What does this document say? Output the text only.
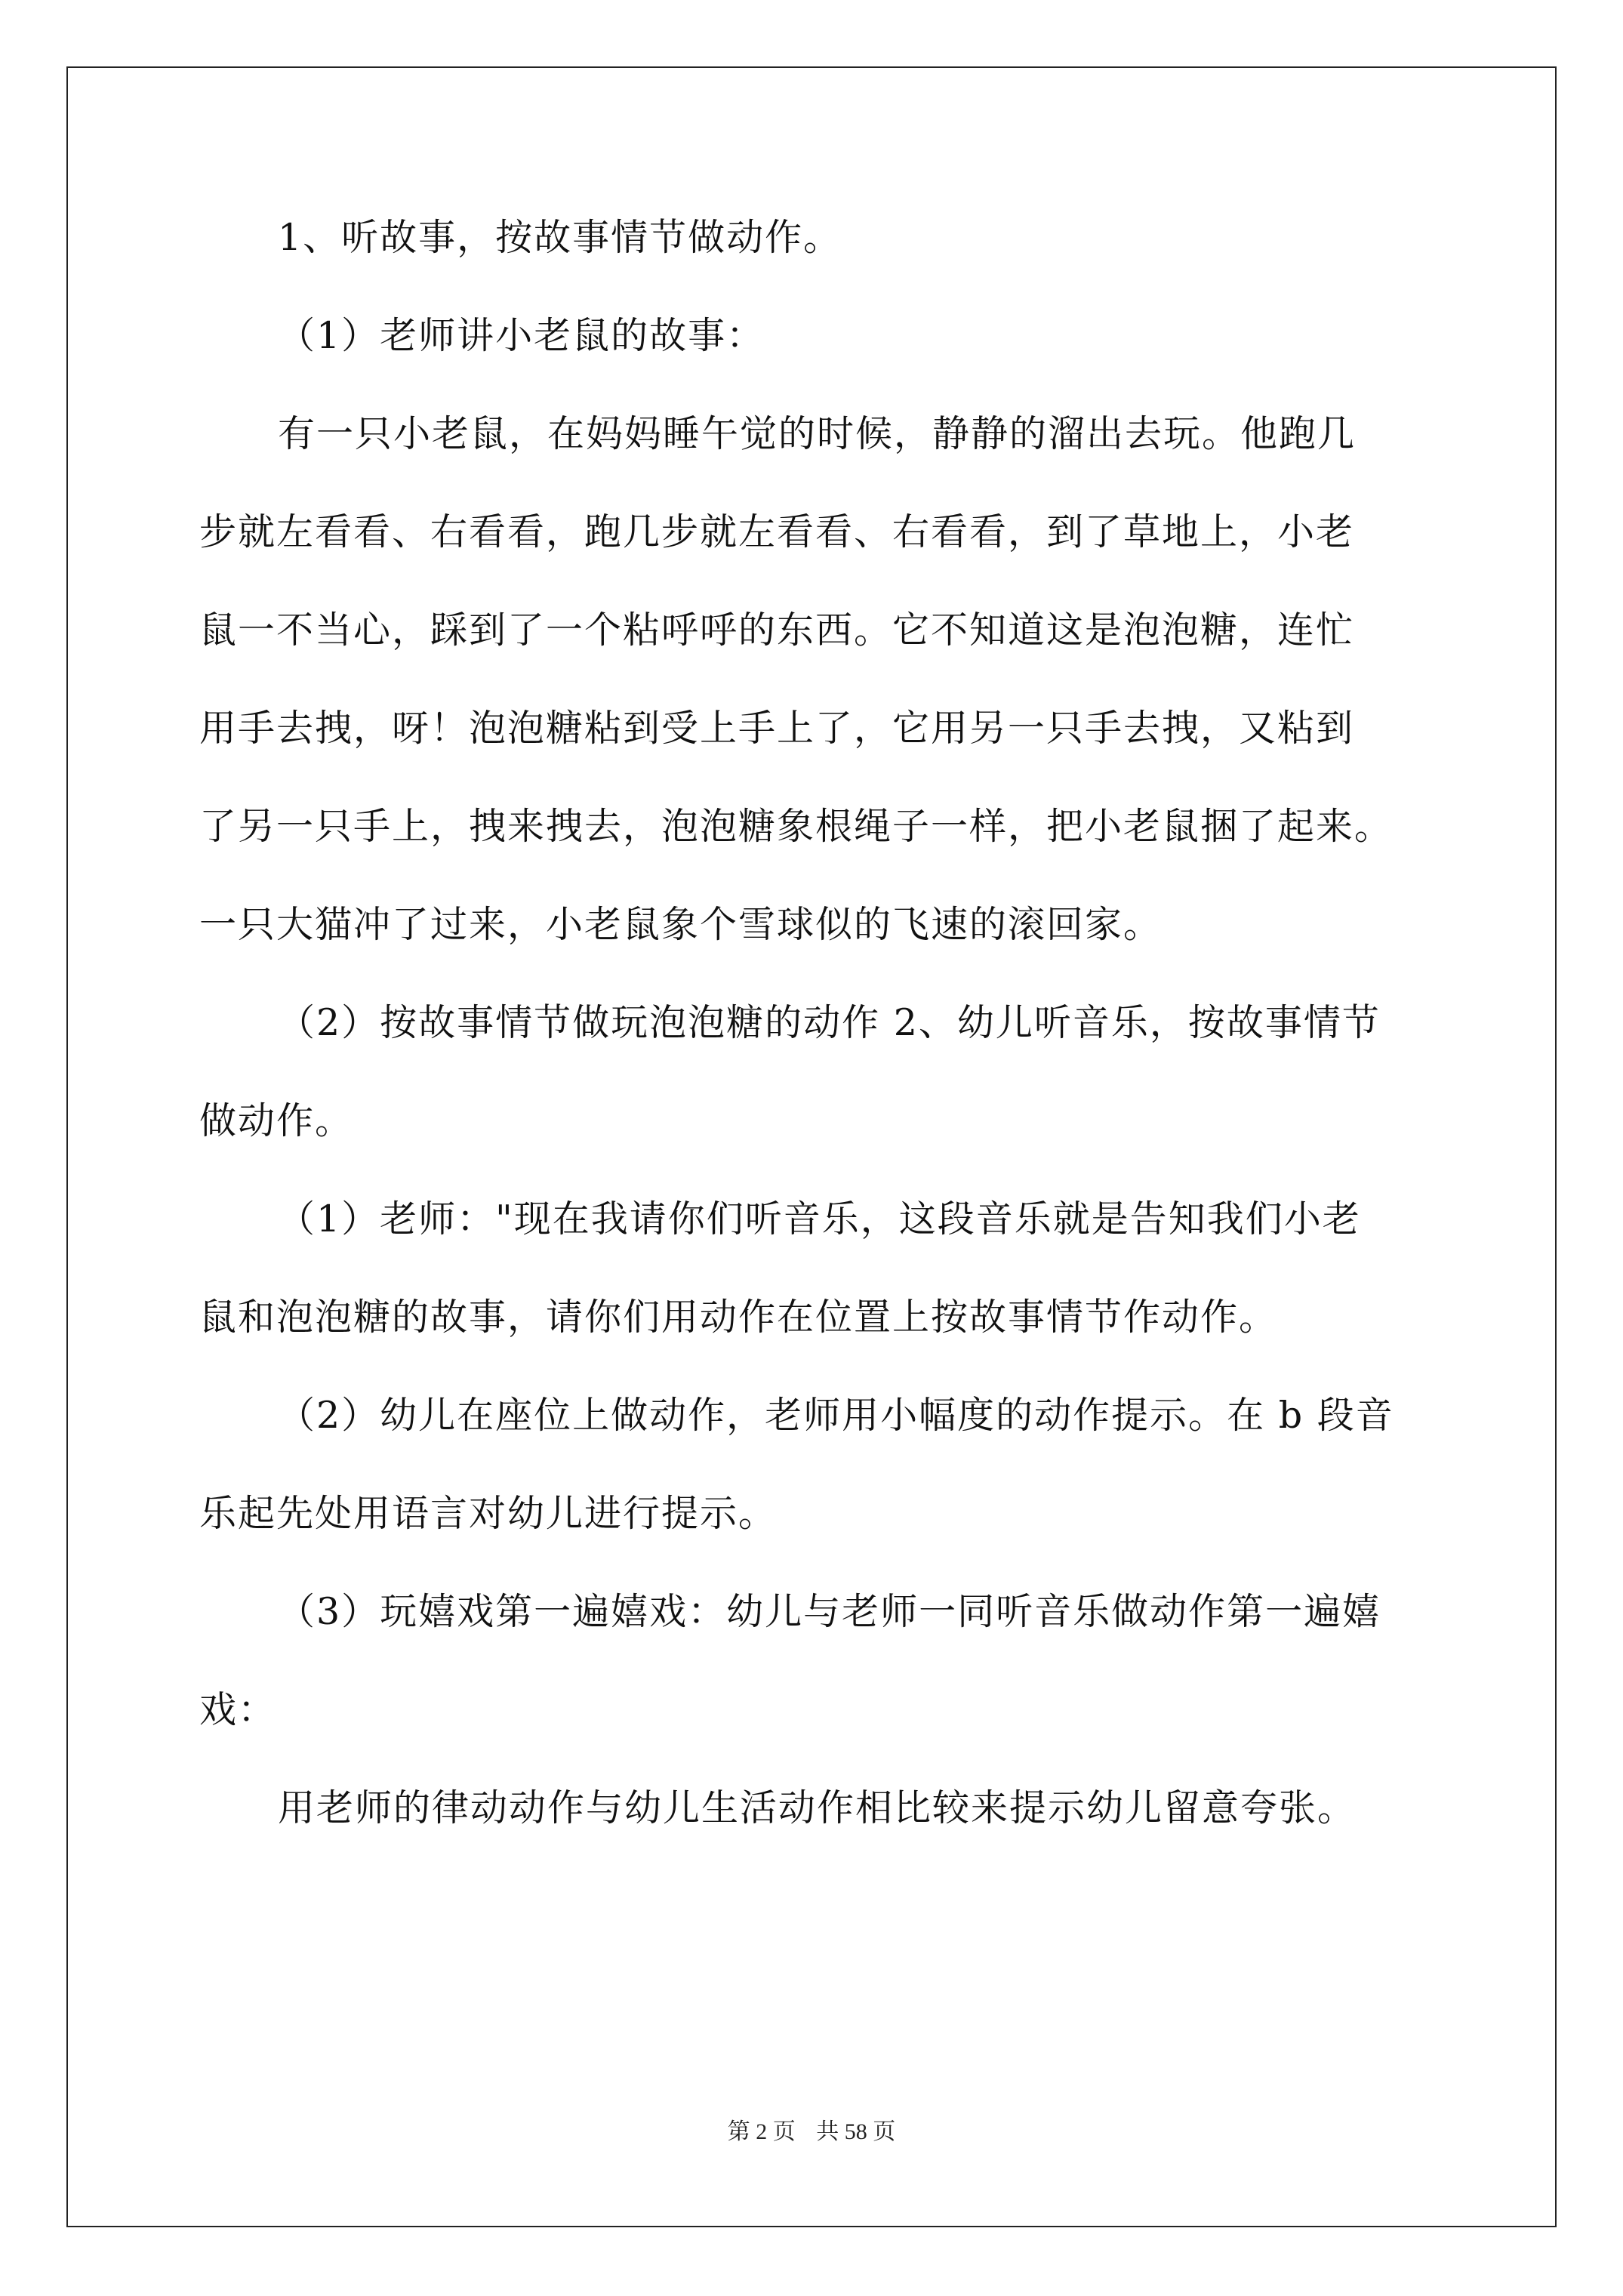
1、听故事，按故事情节做动作。

（1）老师讲小老鼠的故事：

有一只小老鼠，在妈妈睡午觉的时候，静静的溜出去玩。他跑几
步就左看看、右看看，跑几步就左看看、右看看，到了草地上，小老
鼠一不当心，踩到了一个粘呼呼的东西。它不知道这是泡泡糖，连忙
用手去拽，呀！泡泡糖粘到受上手上了，它用另一只手去拽，又粘到
了另一只手上，拽来拽去，泡泡糖象根绳子一样，把小老鼠捆了起来。
一只大猫冲了过来，小老鼠象个雪球似的飞速的滚回家。

（2）按故事情节做玩泡泡糖的动作 2、幼儿听音乐，按故事情节
做动作。

（1）老师："现在我请你们听音乐，这段音乐就是告知我们小老
鼠和泡泡糖的故事，请你们用动作在位置上按故事情节作动作。

（2）幼儿在座位上做动作，老师用小幅度的动作提示。在 b 段音
乐起先处用语言对幼儿进行提示。

（3）玩嬉戏第一遍嬉戏：幼儿与老师一同听音乐做动作第一遍嬉
戏：

用老师的律动动作与幼儿生活动作相比较来提示幼儿留意夸张。

第 2 页 共 58 页
